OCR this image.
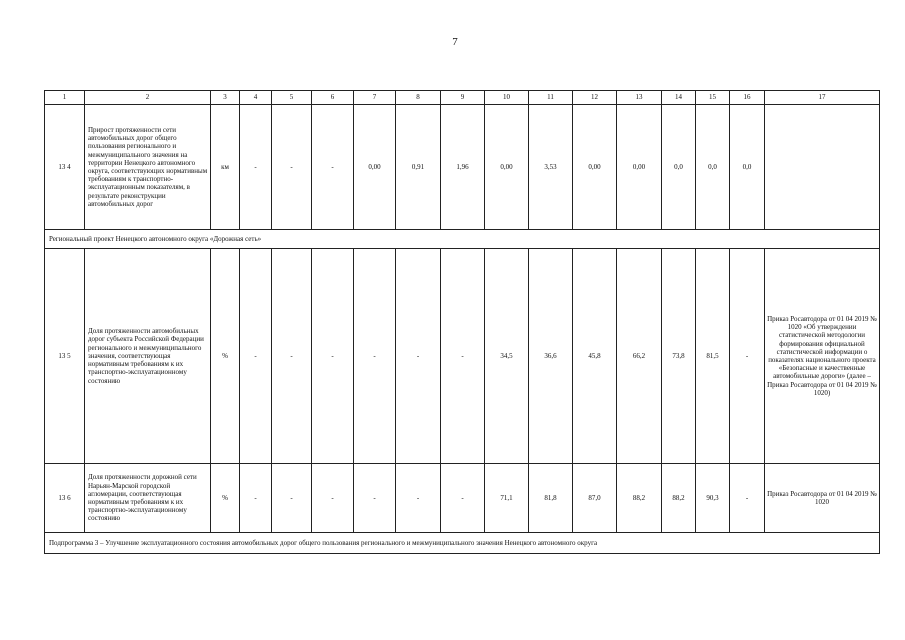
7
1	2	3	4	5	6	7	8	9	10	11	12	13	14	15	16	17
13 4	Прирост протяженности сети автомобильных дорог общего пользования регионального и межмуниципального значения на территории Ненецкого автономного округа, соответствующих нормативным требованиям к транспортно-эксплуатационным показателям, в результате реконструкции автомобильных дорог	км	-	-	-	0,00	0,91	1,96	0,00	3,53	0,00	0,00	0,0	0,0	0,0	
Региональный проект Ненецкого автономного округа «Дорожная сеть»																
13 5	Доля протяженности автомобильных дорог субъекта Российской Федерации регионального и межмуниципального значения, соответствующая нормативным требованиям к их транспортно-эксплуатационному состоянию	%	-	-	-	-	-	-	34,5	36,6	45,8	66,2	73,8	81,5	-	Приказ Росавтодора от 01 04 2019 № 1020 «Об утверждении статистической методологии формирования официальной статистической информации о показателях национального проекта «Безопасные и качественные автомобильные дороги» (далее – Приказ Росавтодора от 01 04 2019 № 1020)
13 6	Доля протяженности дорожной сети Нарьян-Марской городской агломерации, соответствующая нормативным требованиям к их транспортно-эксплуатационному состоянию	%	-	-	-	-	-	-	71,1	81,8	87,0	88,2	88,2	90,3	-	Приказ Росавтодора от 01 04 2019 № 1020
Подпрограмма 3 – Улучшение эксплуатационного состояния автомобильных дорог общего пользования регионального и межмуниципального значения Ненецкого автономного округа																
